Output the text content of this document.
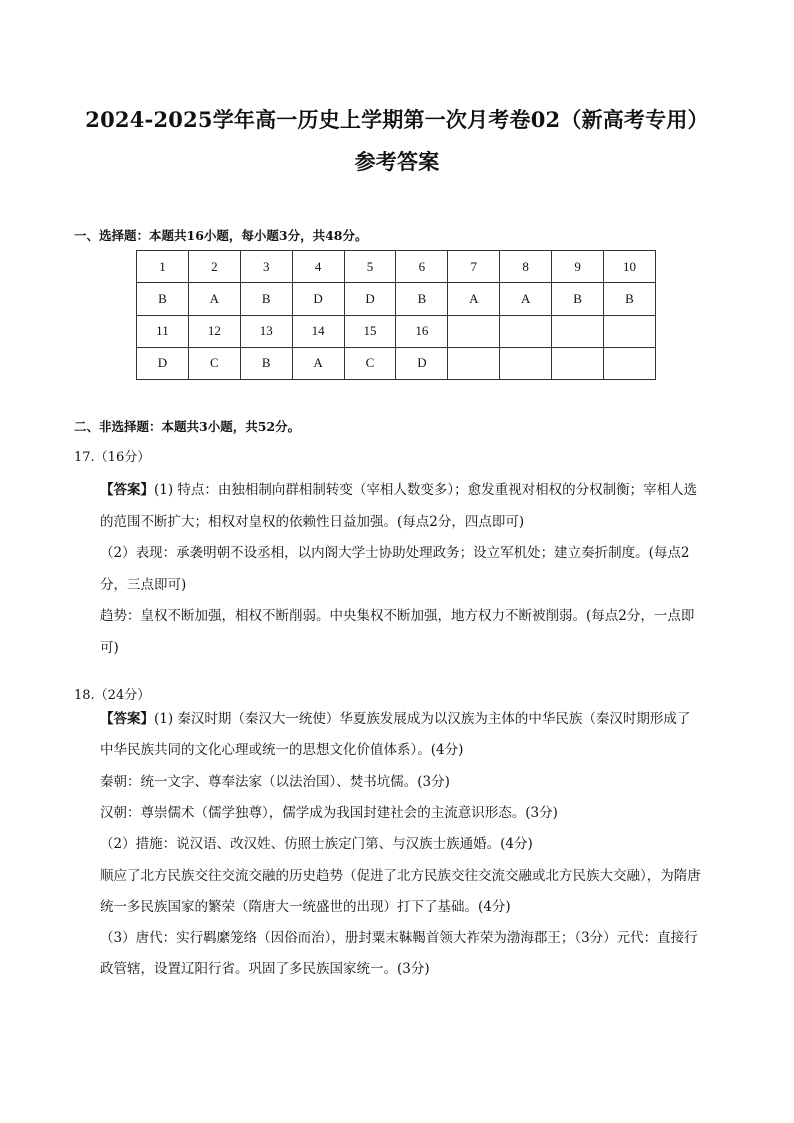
2024-2025学年高一历史上学期第一次月考卷02（新高考专用）
参考答案
一、选择题：本题共16小题，每小题3分，共48分。
1	2	3	4	5	6	7	8	9	10
B	A	B	D	D	B	A	A	B	B
11	12	13	14	15	16				
D	C	B	A	C	D				
二、非选择题：本题共3小题，共52分。
17.（16分）
【答案】(1) 特点：由独相制向群相制转变（宰相人数变多）；愈发重视对相权的分权制衡；宰相人选
的范围不断扩大；相权对皇权的依赖性日益加强。(每点2分，四点即可)
（2）表现：承袭明朝不设丞相，以内阁大学士协助处理政务；设立军机处；建立奏折制度。(每点2
分，三点即可)
趋势：皇权不断加强，相权不断削弱。中央集权不断加强，地方权力不断被削弱。(每点2分，一点即
可)
18.（24分）
【答案】(1) 秦汉时期（秦汉大一统使）华夏族发展成为以汉族为主体的中华民族（秦汉时期形成了
中华民族共同的文化心理或统一的思想文化价值体系）。(4分)
秦朝：统一文字、尊奉法家（以法治国）、焚书坑儒。(3分)
汉朝：尊崇儒术（儒学独尊），儒学成为我国封建社会的主流意识形态。(3分)
（2）措施：说汉语、改汉姓、仿照士族定门第、与汉族士族通婚。(4分)
顺应了北方民族交往交流交融的历史趋势（促进了北方民族交往交流交融或北方民族大交融），为隋唐
统一多民族国家的繁荣（隋唐大一统盛世的出现）打下了基础。(4分)
（3）唐代：实行羁縻笼络（因俗而治），册封粟末靺鞨首领大祚荣为渤海郡王；（3分）元代：直接行
政管辖，设置辽阳行省。巩固了多民族国家统一。(3分)
